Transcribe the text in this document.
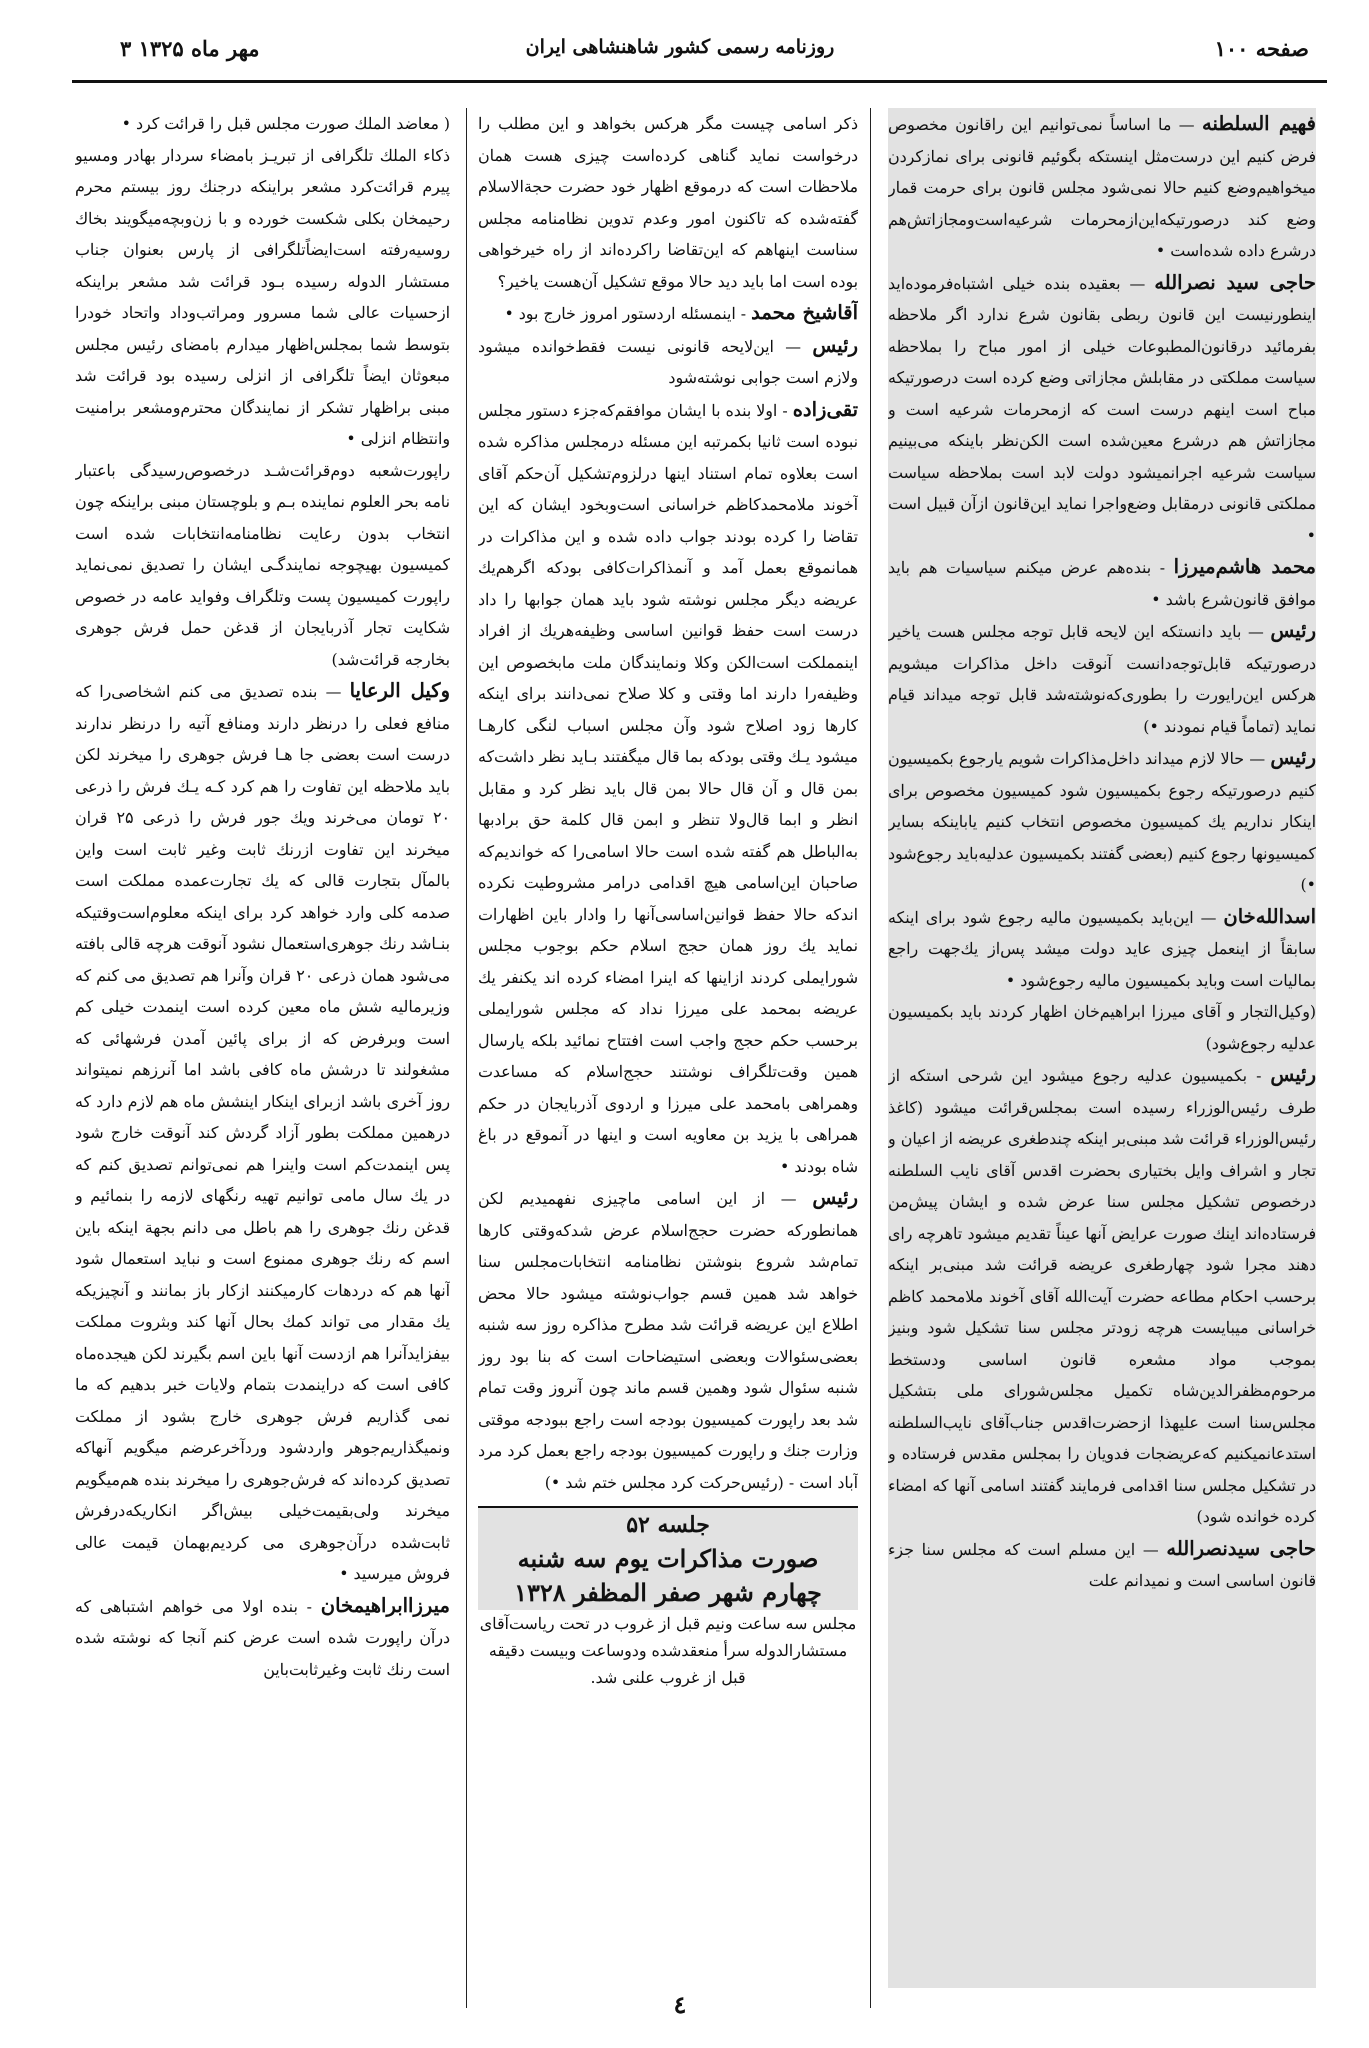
صفحه ۱۰۰
روزنامه رسمی کشور شاهنشاهی ایران
۳ مهر ماه ۱۳۲۵

فهیم السلطنه — ما اساساً نمی‌توانیم این راقانون مخصوص فرض کنیم این درست‌مثل اینستکه بگوئیم قانونی برای نمازکردن میخواهیم‌وضع کنیم حالا نمی‌شود مجلس قانون برای حرمت قمار وضع کند درصورتیکه‌این‌ازمحرمات شرعیه‌است‌ومجازاتش‌هم درشرع داده شده‌است •

حاجی سید نصرالله — بعقیده بنده خیلی اشتباه‌فرموده‌اید اینطورنیست این قانون ربطی بقانون شرع ندارد اگر ملاحظه بفرمائید درقانون‌المطبوعات خیلی از امور مباح را بملاحظه سیاست مملکتی در مقابلش مجازاتی وضع کرده است درصورتیکه مباح است اینهم درست است که ازمحرمات شرعیه است و مجازاتش هم درشرع معین‌شده است الکن‌نظر باینکه می‌بینیم سیاست شرعیه اجرانمیشود دولت لابد است بملاحظه سیاست مملکتی قانونی درمقابل وضع‌واجرا نماید این‌قانون ازآن قبیل است •

محمد هاشم‌میرزا - بنده‌هم عرض میکنم سیاسیات هم باید موافق قانون‌شرع باشد •

رئیس — باید دانستکه این لایحه قابل توجه مجلس هست یاخیر درصورتیکه قابل‌توجه‌دانست آنوقت داخل مذاکرات میشویم هرکس این‌رایورت را بطوری‌که‌نوشته‌شد قابل توجه میداند قیام نماید (تماماً قیام نمودند •)

رئیس — حالا لازم میداند داخل‌مذاکرات شویم یارجوع بکمیسیون کنیم درصورتیکه رجوع بکمیسیون شود کمیسیون مخصوص برای اینکار نداریم یك کمیسیون مخصوص انتخاب کنیم یاباینکه بسایر کمیسیونها رجوع کنیم (بعضی گفتند بکمیسیون عدلیه‌باید رجوع‌شود •)

اسدالله‌خان — این‌باید بکمیسیون مالیه رجوع شود برای اینکه سابقاً از اینعمل چیزی عاید دولت میشد پس‌از یك‌جهت راجع بمالیات است وباید بکمیسیون مالیه رجوع‌شود •

(وکیل‌التجار و آقای میرزا ابراهیم‌خان اظهار کردند باید بکمیسیون عدلیه رجوع‌شود)

رئیس - بکمیسیون عدلیه رجوع میشود این شرحی استکه از طرف رئیس‌الوزراء رسیده است بمجلس‌قرائت میشود (کاغذ رئیس‌الوزراء قرائت شد مبنی‌بر اینکه چندطغری عریضه از اعیان و تجار و اشراف وایل بختیاری بحضرت اقدس آقای نایب السلطنه درخصوص تشکیل مجلس سنا عرض شده و ایشان پیش‌من فرستاده‌اند اینك صورت عرایض آنها عیناً تقدیم میشود تاهرچه رای دهند مجرا شود چهارطغری عریضه قرائت شد مبنی‌بر اینکه برحسب احکام مطاعه حضرت آیت‌الله آقای آخوند ملامحمد کاظم خراسانی میبایست هرچه زودتر مجلس سنا تشکیل شود وبنیز بموجب مواد مشعره قانون اساسی ودستخط مرحوم‌مظفرالدین‌شاه تکمیل مجلس‌شورای ملی بتشکیل مجلس‌سنا است علیهذا ازحضرت‌اقدس جناب‌آقای نایب‌السلطنه استدعانمیکنیم که‌عریضجات فدویان را بمجلس مقدس فرستاده و در تشکیل مجلس سنا اقدامی فرمایند گفتند اسامی آنها که امضاء کرده خوانده شود)

حاجی سیدنصرالله — این مسلم است که مجلس سنا جزء قانون اساسی است و نمیدانم علت

ذکر اسامی چیست مگر هرکس بخواهد و این مطلب را درخواست نماید گناهی کرده‌است چیزی هست همان ملاحظات است که درموقع اظهار خود حضرت حجة‌الاسلام گفته‌شده که تاکنون امور وعدم تدوین نظامنامه مجلس سناست اینهاهم که این‌تقاضا راکرده‌اند از راه خیرخواهی بوده است اما باید دید حالا موقع تشکیل آن‌هست یاخیر؟

آقاشیخ محمد - اینمسئله اردستور امروز خارج بود •

رئیس — این‌لایحه قانونی نیست فقط‌خوانده میشود ولازم است جوابی نوشته‌شود

تقی‌زاده - اولا بنده با ایشان موافقم‌که‌جزء دستور مجلس نبوده است ثانیا بکمرتبه این مسئله درمجلس مذاکره شده است بعلاوه تمام استناد اینها درلزوم‌تشکیل آن‌حکم آقای آخوند ملامحمدکاظم خراسانی است‌وبخود ایشان که این تقاضا را کرده بودند جواب داده شده و این مذاکرات در همانموقع بعمل آمد و آنمذاکرات‌کافی بودکه اگرهم‌یك عریضه دیگر مجلس نوشته شود باید همان جوابها را داد درست است حفظ قوانین اساسی وظیفه‌هریك از افراد اینمملکت است‌الکن وکلا ونمایندگان ملت مابخصوص این وظیفه‌را دارند اما وقتی و کلا صلاح نمی‌دانند برای اینکه کارها زود اصلاح شود وآن مجلس اسباب لنگی کارهـا میشود یـك وقتی بودکه بما قال میگفتند بـاید نظر داشت‌که بمن قال و آن قال حالا بمن قال باید نظر کرد و مقابل انظر و ابما قال‌ولا تنظر و ابمن قال کلمة حق برادبها به‌الباطل هم گفته شده است حالا اسامی‌را که خواندیم‌که صاحبان این‌اسامی هیچ اقدامی درامر مشروطیت نکرده اندکه حالا حفظ قوانین‌اساسی‌آنها را وادار باین اظهارات نماید یك روز همان حجج اسلام حکم بوجوب مجلس شورایملی کردند ازاینها که اینرا امضاء کرده اند یکنفر یك عریضه بمحمد علی میرزا نداد که مجلس شورایملی برحسب حکم حجج واجب است افتتاح نمائید بلکه یارسال همین وقت‌تلگراف نوشتند حجج‌اسلام که مساعدت وهمراهی بامحمد علی میرزا و اردوی آذربایجان در حکم همراهی با یزید بن معاویه است و اینها در آنموقع در باغ شاه بودند •

رئیس — از این اسامی ماچیزی نفهمیدیم لکن همانطورکه حضرت حجج‌اسلام عرض شدکه‌وقتی کارها تمام‌شد شروع بنوشتن نظامنامه انتخابات‌مجلس سنا خواهد شد همین قسم جواب‌نوشته میشود حالا محض اطلاع این عریضه قرائت شد مطرح مذاکره روز سه شنبه بعضی‌سئوالات وبعضی استیضاحات است که بنا بود روز شنبه سئوال شود وهمین قسم ماند چون آنروز وقت تمام شد بعد راپورت کمیسیون بودجه است راجع ببودجه موقتی وزارت جنك و راپورت کمیسیون بودجه راجع بعمل کرد مرد آباد است - (رئیس‌حرکت کرد مجلس ختم شد •)

جلسه ۵۲
صورت مذاکرات یوم سه شنبه
چهارم شهر صفر المظفر ۱۳۲۸

مجلس سه ساعت ونیم قبل از غروب در تحت ریاست‌آقای مستشارالدوله سرأ منعقدشده ودوساعت وبیست دقیقه قبل از غروب علنی شد.

( معاضد الملك صورت مجلس قبل را قرائت کرد •

ذکاء الملك تلگرافی از تبریـز بامضاء سردار بهادر ومسیو پیرم قرائت‌کرد مشعر براینکه درجنك روز بیستم محرم رحیمخان بکلی شکست خورده و با زن‌وبچه‌میگویند بخاك روسیه‌رفته است‌ایضاً‌تلگرافی از پارس بعنوان جناب مستشار الدوله رسیده بـود قرائت شد مشعر براینکه ازحسیات عالی شما مسرور ومراتب‌وداد واتحاد خودرا بتوسط شما بمجلس‌اظهار میدارم بامضای رئیس مجلس مبعوثان ایضاً تلگرافی از انزلی رسیده بود قرائت شد مبنی براظهار تشکر از نمایندگان محترم‌ومشعر برامنیت وانتظام انزلی •

راپورت‌شعبه دوم‌قرائت‌شـد درخصوص‌رسیدگی باعتبار نامه بحر العلوم نماینده بـم و بلوچستان مبنی براینکه چون انتخاب بدون رعایت نظامنامه‌انتخابات شده است کمیسیون بهیچوجه نمایندگـی ایشان را تصدیق نمی‌نماید راپورت کمیسیون پست وتلگراف وفواید عامه در خصوص شکایت تجار آذربایجان از قدغن حمل فرش جوهری بخارجه قرائت‌شد)

وکیل الرعایا — بنده تصدیق می کنم اشخاصی‌را که منافع فعلی را درنظر دارند ومنافع آتیه را درنظر ندارند درست است بعضی جا هـا فرش جوهری را میخرند لکن باید ملاحظه این تفاوت را هم کرد کـه یـك فرش را ذرعی ۲۰ تومان می‌خرند ویك جور فرش را ذرعی ۲۵ قران میخرند این تفاوت ازرنك ثابت وغیر ثابت است واین بالمآل بتجارت قالی که یك تجارت‌عمده مملکت است صدمه کلی وارد خواهد کرد برای اینکه معلوم‌است‌وقتیکه بنـاشد رنك جوهری‌استعمال نشود آنوقت هرچه قالی بافته می‌شود همان ذرعی ۲۰ قران وآنرا هم تصدیق می کنم که وزیرمالیه شش ماه معین کرده است اینمدت خیلی کم است وبرفرض که از برای پائین آمدن فرشهائی که مشغولند تا درشش ماه کافی باشد اما آنرزهم نمیتواند روز آخری باشد ازبرای اینکار اینشش ماه هم لازم دارد که درهمین مملکت بطور آزاد گردش کند آنوقت خارج شود پس اینمدت‌کم است واینرا هم نمی‌توانم تصدیق کنم که در یك سال مامی توانیم تهیه رنگهای لازمه را بنمائیم و قدغن رنك جوهری را هم باطل می دانم بجهة اینکه باین اسم که رنك جوهری ممنوع است و نباید استعمال شود آنها هم که دردهات کارمیکنند ازکار باز بمانند و آنچیزیکه یك مقدار می تواند کمك بحال آنها کند وبثروت مملکت بیفزایدآنرا هم ازدست آنها باین اسم بگیرند لکن هیجده‌ماه کافی است که دراینمدت بتمام ولایات خبر بدهیم که ما نمی گذاریم فرش جوهری خارج بشود از مملکت ونمیگذاریم‌جوهر واردشود وردآخرعرضم میگویم آنهاکه تصدیق کرده‌اند که فرش‌جوهری را میخرند بنده هم‌میگویم میخرند ولی‌بقیمت‌خیلی بیش‌اگر انکاریکه‌درفرش ثابت‌شده درآن‌جوهری می کردیم‌بهمان قیمت عالی فروش میرسید •

میرزاابراهیمخان - بنده اولا می خواهم اشتباهی که درآن راپورت شده است عرض کنم آنجا که نوشته شده است رنك ثابت وغیرثابت‌باین

٤
